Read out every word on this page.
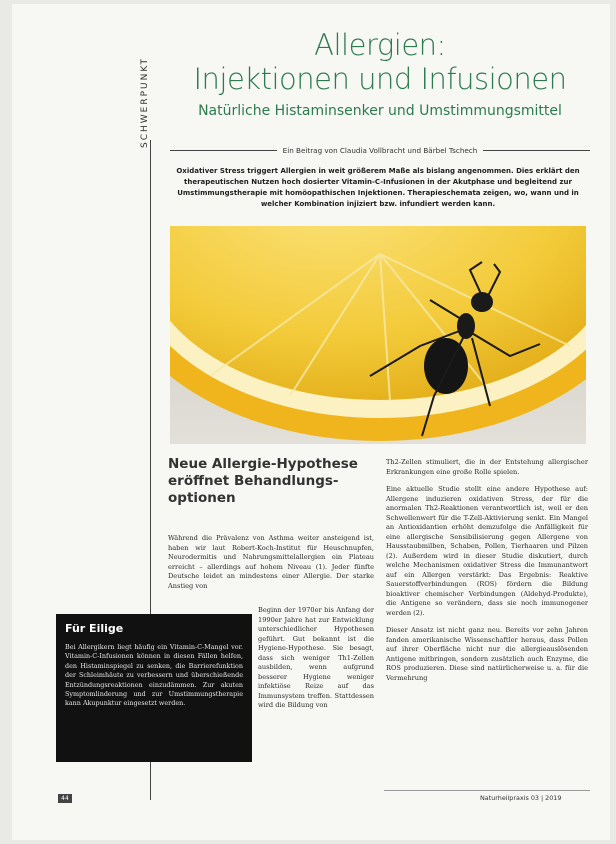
SCHWERPUNKT
Allergien:
Injektionen und Infusionen
Natürliche Histaminsenker und Umstimmungsmittel
Ein Beitrag von Claudia Vollbracht und Bärbel Tschech
Oxidativer Stress triggert Allergien in weit größerem Maße als bislang angenommen. Dies erklärt den therapeutischen Nutzen hoch dosierter Vitamin-C-Infusionen in der Akutphase und begleitend zur Umstimmungstherapie mit homöopathischen Injektionen. Therapieschemata zeigen, wo, wann und in welcher Kombination injiziert bzw. infundiert werden kann.
Neue Allergie-Hypothese eröffnet Behandlungs-optionen
Während die Prävalenz von Asthma weiter ansteigend ist, haben wir laut Robert-Koch-Institut für Heuschnupfen, Neurodermitis und Nahrungsmittelallergien ein Plateau erreicht – allerdings auf hohem Niveau (1). Jeder fünfte Deutsche leidet an mindestens einer Allergie. Der starke Anstieg von
Beginn der 1970er bis Anfang der 1990er Jahre hat zur Entwicklung unterschiedlicher Hypothesen geführt. Gut bekannt ist die Hygiene-Hypothese. Sie besagt, dass sich weniger Th1-Zellen ausbilden, wenn aufgrund besserer Hygiene weniger infektiöse Reize auf das Immunsystem treffen. Stattdessen wird die Bildung von

Th2-Zellen stimuliert, die in der Entstehung allergischer Erkrankungen eine große Rolle spielen.

Eine aktuelle Studie stellt eine andere Hypothese auf: Allergene induzieren oxidativen Stress, der für die anormalen Th2-Reaktionen verantwortlich ist, weil er den Schwellenwert für die T-Zell-Aktivierung senkt. Ein Mangel an Antioxidantien erhöht demzufolge die Anfälligkeit für eine allergische Sensibilisierung gegen Allergene von Hausstaubmilben, Schaben, Pollen, Tierhaaren und Pilzen (2). Außerdem wird in dieser Studie diskutiert, durch welche Mechanismen oxidativer Stress die Immunantwort auf ein Allergen verstärkt: Das Ergebnis: Reaktive Sauerstoffverbindungen (ROS) fördern die Bildung bioaktiver chemischer Verbindungen (Aldehyd-Produkte), die Antigene so verändern, dass sie noch immunogener werden (2).

Dieser Ansatz ist nicht ganz neu. Bereits vor zehn Jahren fanden amerikanische Wissenschaftler heraus, dass Pollen auf ihrer Oberfläche nicht nur die allergieauslösenden Antigene mitbringen, sondern zusätzlich auch Enzyme, die ROS produzieren. Diese sind natürlicherweise u. a. für die Vermehrung

Für Eilige

Bei Allergikern liegt häufig ein Vitamin-C-Mangel vor. Vitamin-C-Infusionen können in diesen Fällen helfen, den Histaminspiegel zu senken, die Barrierefunktion der Schleimhäute zu verbessern und überschießende Entzündungsreaktionen einzudämmen. Zur akuten Symptomlinderung und zur Umstimmungstherapie kann Akupunktur eingesetzt werden.

44	Naturheilpraxis 03 | 2019
